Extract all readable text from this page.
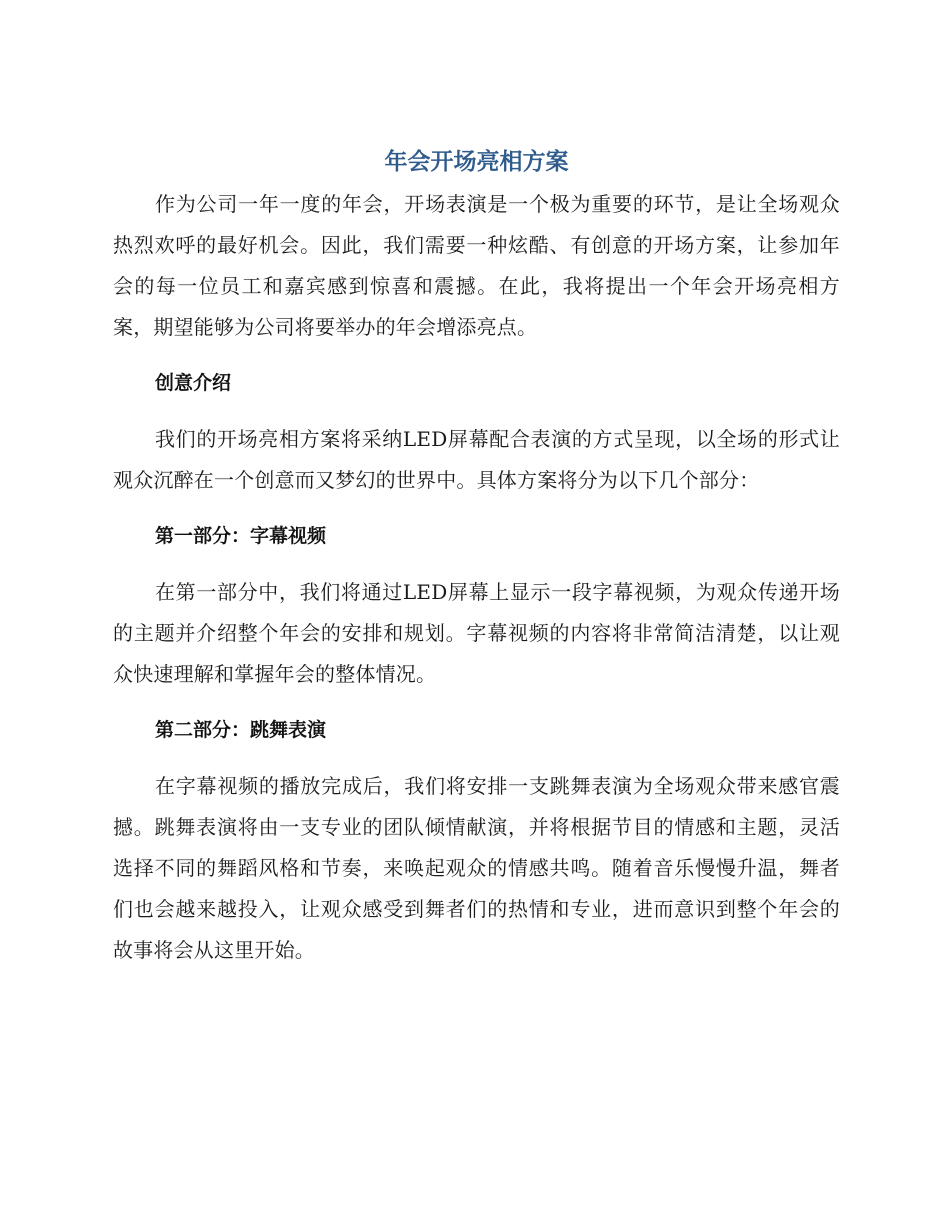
年会开场亮相方案

作为公司一年一度的年会，开场表演是一个极为重要的环节，是让全场观众热烈欢呼的最好机会。因此，我们需要一种炫酷、有创意的开场方案，让参加年会的每一位员工和嘉宾感到惊喜和震撼。在此，我将提出一个年会开场亮相方案，期望能够为公司将要举办的年会增添亮点。

创意介绍

我们的开场亮相方案将采纳LED屏幕配合表演的方式呈现，以全场的形式让观众沉醉在一个创意而又梦幻的世界中。具体方案将分为以下几个部分：

第一部分：字幕视频

在第一部分中，我们将通过LED屏幕上显示一段字幕视频，为观众传递开场的主题并介绍整个年会的安排和规划。字幕视频的内容将非常简洁清楚，以让观众快速理解和掌握年会的整体情况。

第二部分：跳舞表演

在字幕视频的播放完成后，我们将安排一支跳舞表演为全场观众带来感官震撼。跳舞表演将由一支专业的团队倾情献演，并将根据节目的情感和主题，灵活选择不同的舞蹈风格和节奏，来唤起观众的情感共鸣。随着音乐慢慢升温，舞者们也会越来越投入，让观众感受到舞者们的热情和专业，进而意识到整个年会的故事将会从这里开始。
